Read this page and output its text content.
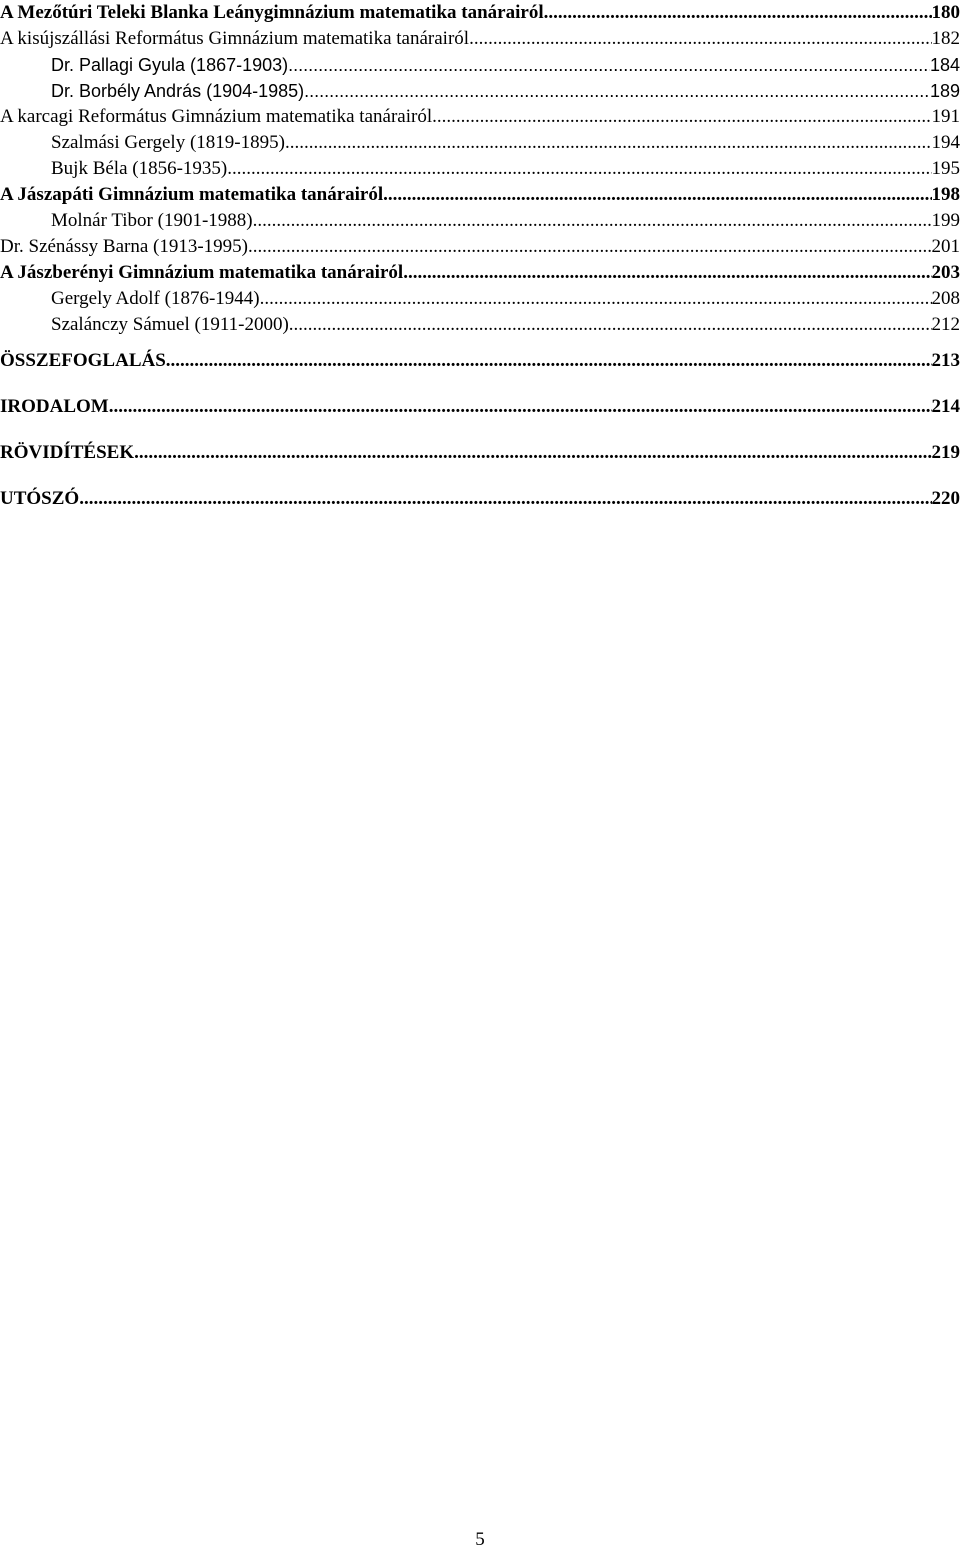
A Mezőtúri Teleki Blanka Leánygimnázium matematika tanárairól .....	180
A kisújszállási Református Gimnázium matematika tanárairól .....	182
Dr. Pallagi Gyula (1867-1903) .....	184
Dr. Borbély András (1904-1985) .....	189
A karcagi Református Gimnázium matematika tanárairól .....	191
Szalmási Gergely (1819-1895) .....	194
Bujk Béla (1856-1935) .....	195
A Jászapáti Gimnázium matematika tanárairól .....	198
Molnár Tibor (1901-1988) .....	199
Dr. Szénássy Barna (1913-1995) .....	201
A Jászberényi Gimnázium matematika tanárairól .....	203
Gergely Adolf (1876-1944) .....	208
Szalánczy Sámuel (1911-2000) .....	212
ÖSSZEFOGLALÁS .....	213
IRODALOM .....	214
RÖVIDÍTÉSEK .....	219
UTÓSZÓ .....	220
5
